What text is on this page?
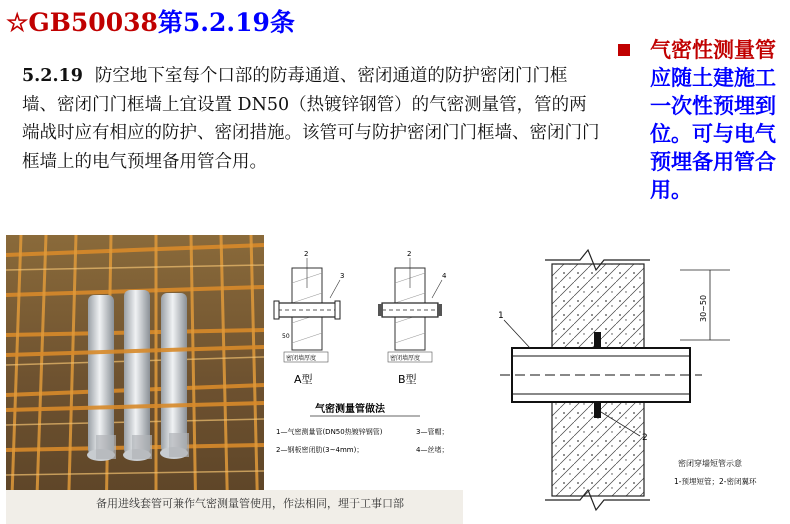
☆GB50038第5.2.19条
5.2.19 防空地下室每个口部的防毒通道、密闭通道的防护密闭门门框墙、密闭门门框墙上宜设置 DN50（热镀锌钢管）的气密测量管，管的两端战时应有相应的防护、密闭措施。该管可与防护密闭门门框墙、密闭门门框墙上的电气预埋备用管合用。
气密性测量管应随土建施工一次性预埋到位。可与电气预埋备用管合用。
2
3
50
密闭墙厚度
A型
2
4
密闭墙厚度
B型
气密测量管做法
1—气密测量管(DN50热镀锌钢管)	3—管帽；
2—钢板密闭肋(3~4mm)；	4—丝堵；
备用进线套管可兼作气密测量管使用，作法相同，埋于工事口部
30~50
1
2
密闭穿墙短管示意
1-预埋短管；2-密闭翼环
